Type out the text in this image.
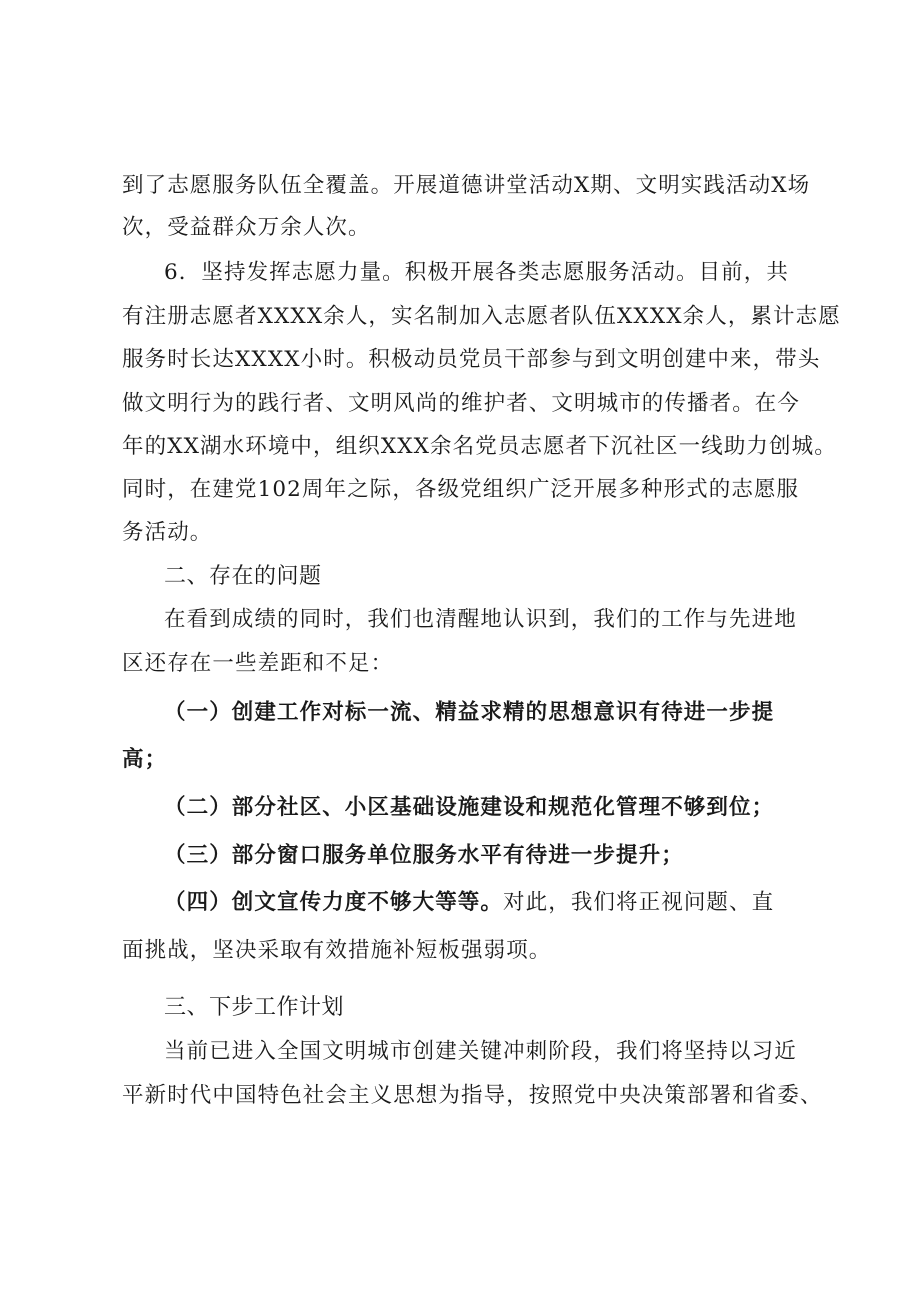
到了志愿服务队伍全覆盖。开展道德讲堂活动X期、文明实践活动X场
次，受益群众万余人次。
6．坚持发挥志愿力量。积极开展各类志愿服务活动。目前，共
有注册志愿者XXXX余人，实名制加入志愿者队伍XXXX余人，累计志愿
服务时长达XXXX小时。积极动员党员干部参与到文明创建中来，带头
做文明行为的践行者、文明风尚的维护者、文明城市的传播者。在今
年的XX湖水环境中，组织XXX余名党员志愿者下沉社区一线助力创城。
同时，在建党102周年之际，各级党组织广泛开展多种形式的志愿服
务活动。
二、存在的问题
在看到成绩的同时，我们也清醒地认识到，我们的工作与先进地
区还存在一些差距和不足：
（一）创建工作对标一流、精益求精的思想意识有待进一步提
高；
（二）部分社区、小区基础设施建设和规范化管理不够到位；
（三）部分窗口服务单位服务水平有待进一步提升；
（四）创文宣传力度不够大等等。对此，我们将正视问题、直
面挑战，坚决采取有效措施补短板强弱项。
三、下步工作计划
当前已进入全国文明城市创建关键冲刺阶段，我们将坚持以习近
平新时代中国特色社会主义思想为指导，按照党中央决策部署和省委、
